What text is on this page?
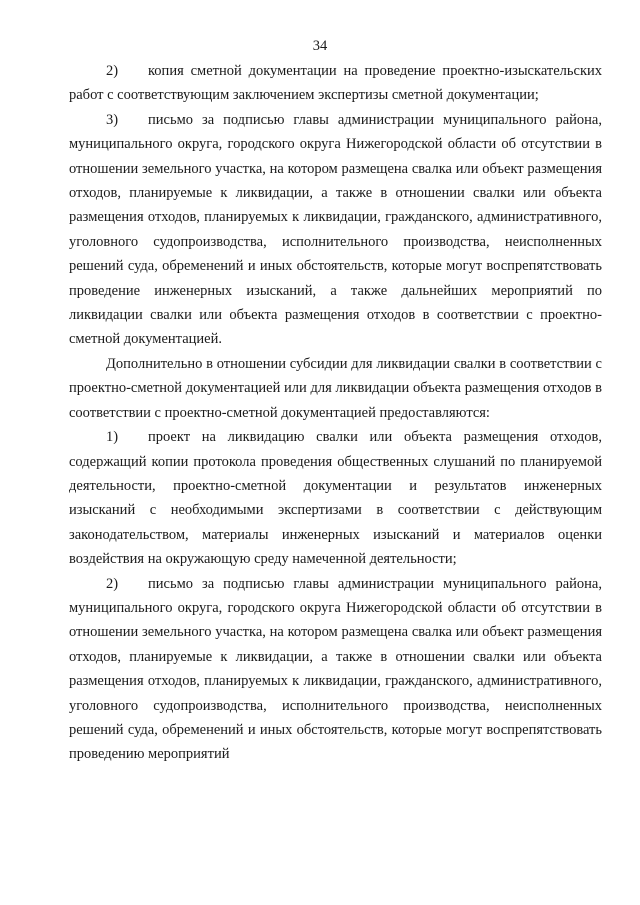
34

2) копия сметной документации на проведение проектно-изыскательских работ с соответствующим заключением экспертизы сметной документации;

3) письмо за подписью главы администрации муниципального района, муниципального округа, городского округа Нижегородской области об отсутствии в отношении земельного участка, на котором размещена свалка или объект размещения отходов, планируемые к ликвидации, а также в отношении свалки или объекта размещения отходов, планируемых к ликвидации, гражданского, административного, уголовного судопроизводства, исполнительного производства, неисполненных решений суда, обременений и иных обстоятельств, которые могут воспрепятствовать проведение инженерных изысканий, а также дальнейших мероприятий по ликвидации свалки или объекта размещения отходов в соответствии с проектно-сметной документацией.

Дополнительно в отношении субсидии для ликвидации свалки в соответствии с проектно-сметной документацией или для ликвидации объекта размещения отходов в соответствии с проектно-сметной документацией предоставляются:

1) проект на ликвидацию свалки или объекта размещения отходов, содержащий копии протокола проведения общественных слушаний по планируемой деятельности, проектно-сметной документации и результатов инженерных изысканий с необходимыми экспертизами в соответствии с действующим законодательством, материалы инженерных изысканий и материалов оценки воздействия на окружающую среду намеченной деятельности;

2) письмо за подписью главы администрации муниципального района, муниципального округа, городского округа Нижегородской области об отсутствии в отношении земельного участка, на котором размещена свалка или объект размещения отходов, планируемые к ликвидации, а также в отношении свалки или объекта размещения отходов, планируемых к ликвидации, гражданского, административного, уголовного судопроизводства, исполнительного производства, неисполненных решений суда, обременений и иных обстоятельств, которые могут воспрепятствовать проведению мероприятий
